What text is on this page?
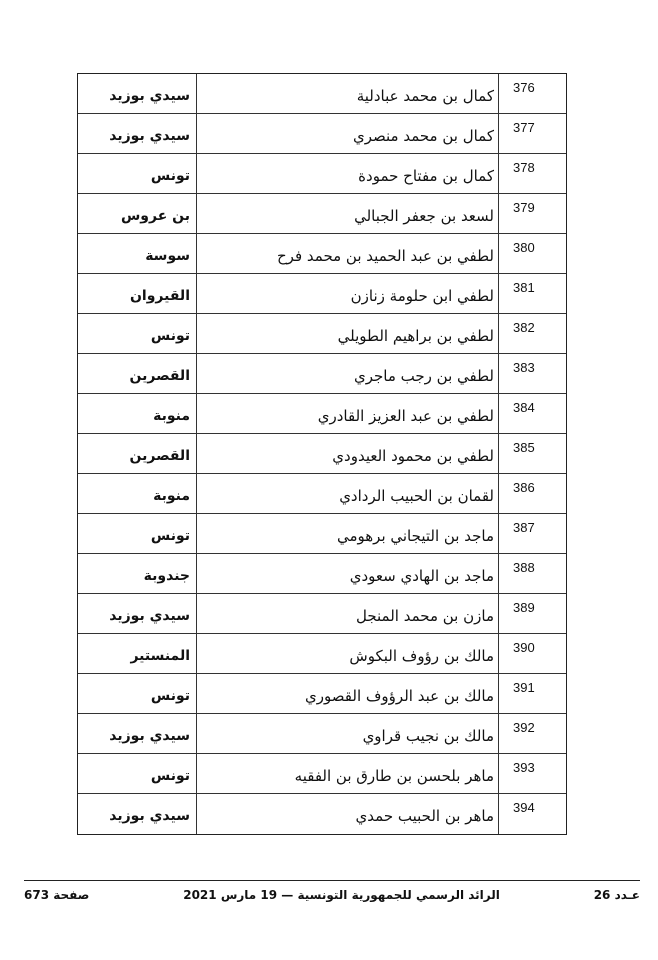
376
كمال بن محمد عبادلية
سيدي بوزيد
377
كمال بن محمد منصري
سيدي بوزيد
378
كمال بن مفتاح حمودة
تونس
379
لسعد بن جعفر الجبالي
بن عروس
380
لطفي بن عبد الحميد بن محمد فرح
سوسة
381
لطفي ابن حلومة زنازن
القيروان
382
لطفي بن براهيم الطويلي
تونس
383
لطفي بن رجب ماجري
القصرين
384
لطفي بن عبد العزيز القادري
منوبة
385
لطفي بن محمود العيدودي
القصرين
386
لقمان بن الحبيب الردادي
منوبة
387
ماجد بن التيجاني برهومي
تونس
388
ماجد بن الهادي سعودي
جندوبة
389
مازن بن محمد المنجل
سيدي بوزيد
390
مالك بن رؤوف البكوش
المنستير
391
مالك بن عبد الرؤوف القصوري
تونس
392
مالك بن نجيب قراوي
سيدي بوزيد
393
ماهر بلحسن بن طارق بن الفقيه
تونس
394
ماهر بن الحبيب حمدي
سيدي بوزيد
صفحة 673	الرائد الرسمي للجمهورية التونسية — 19 مارس 2021	عـدد 26
